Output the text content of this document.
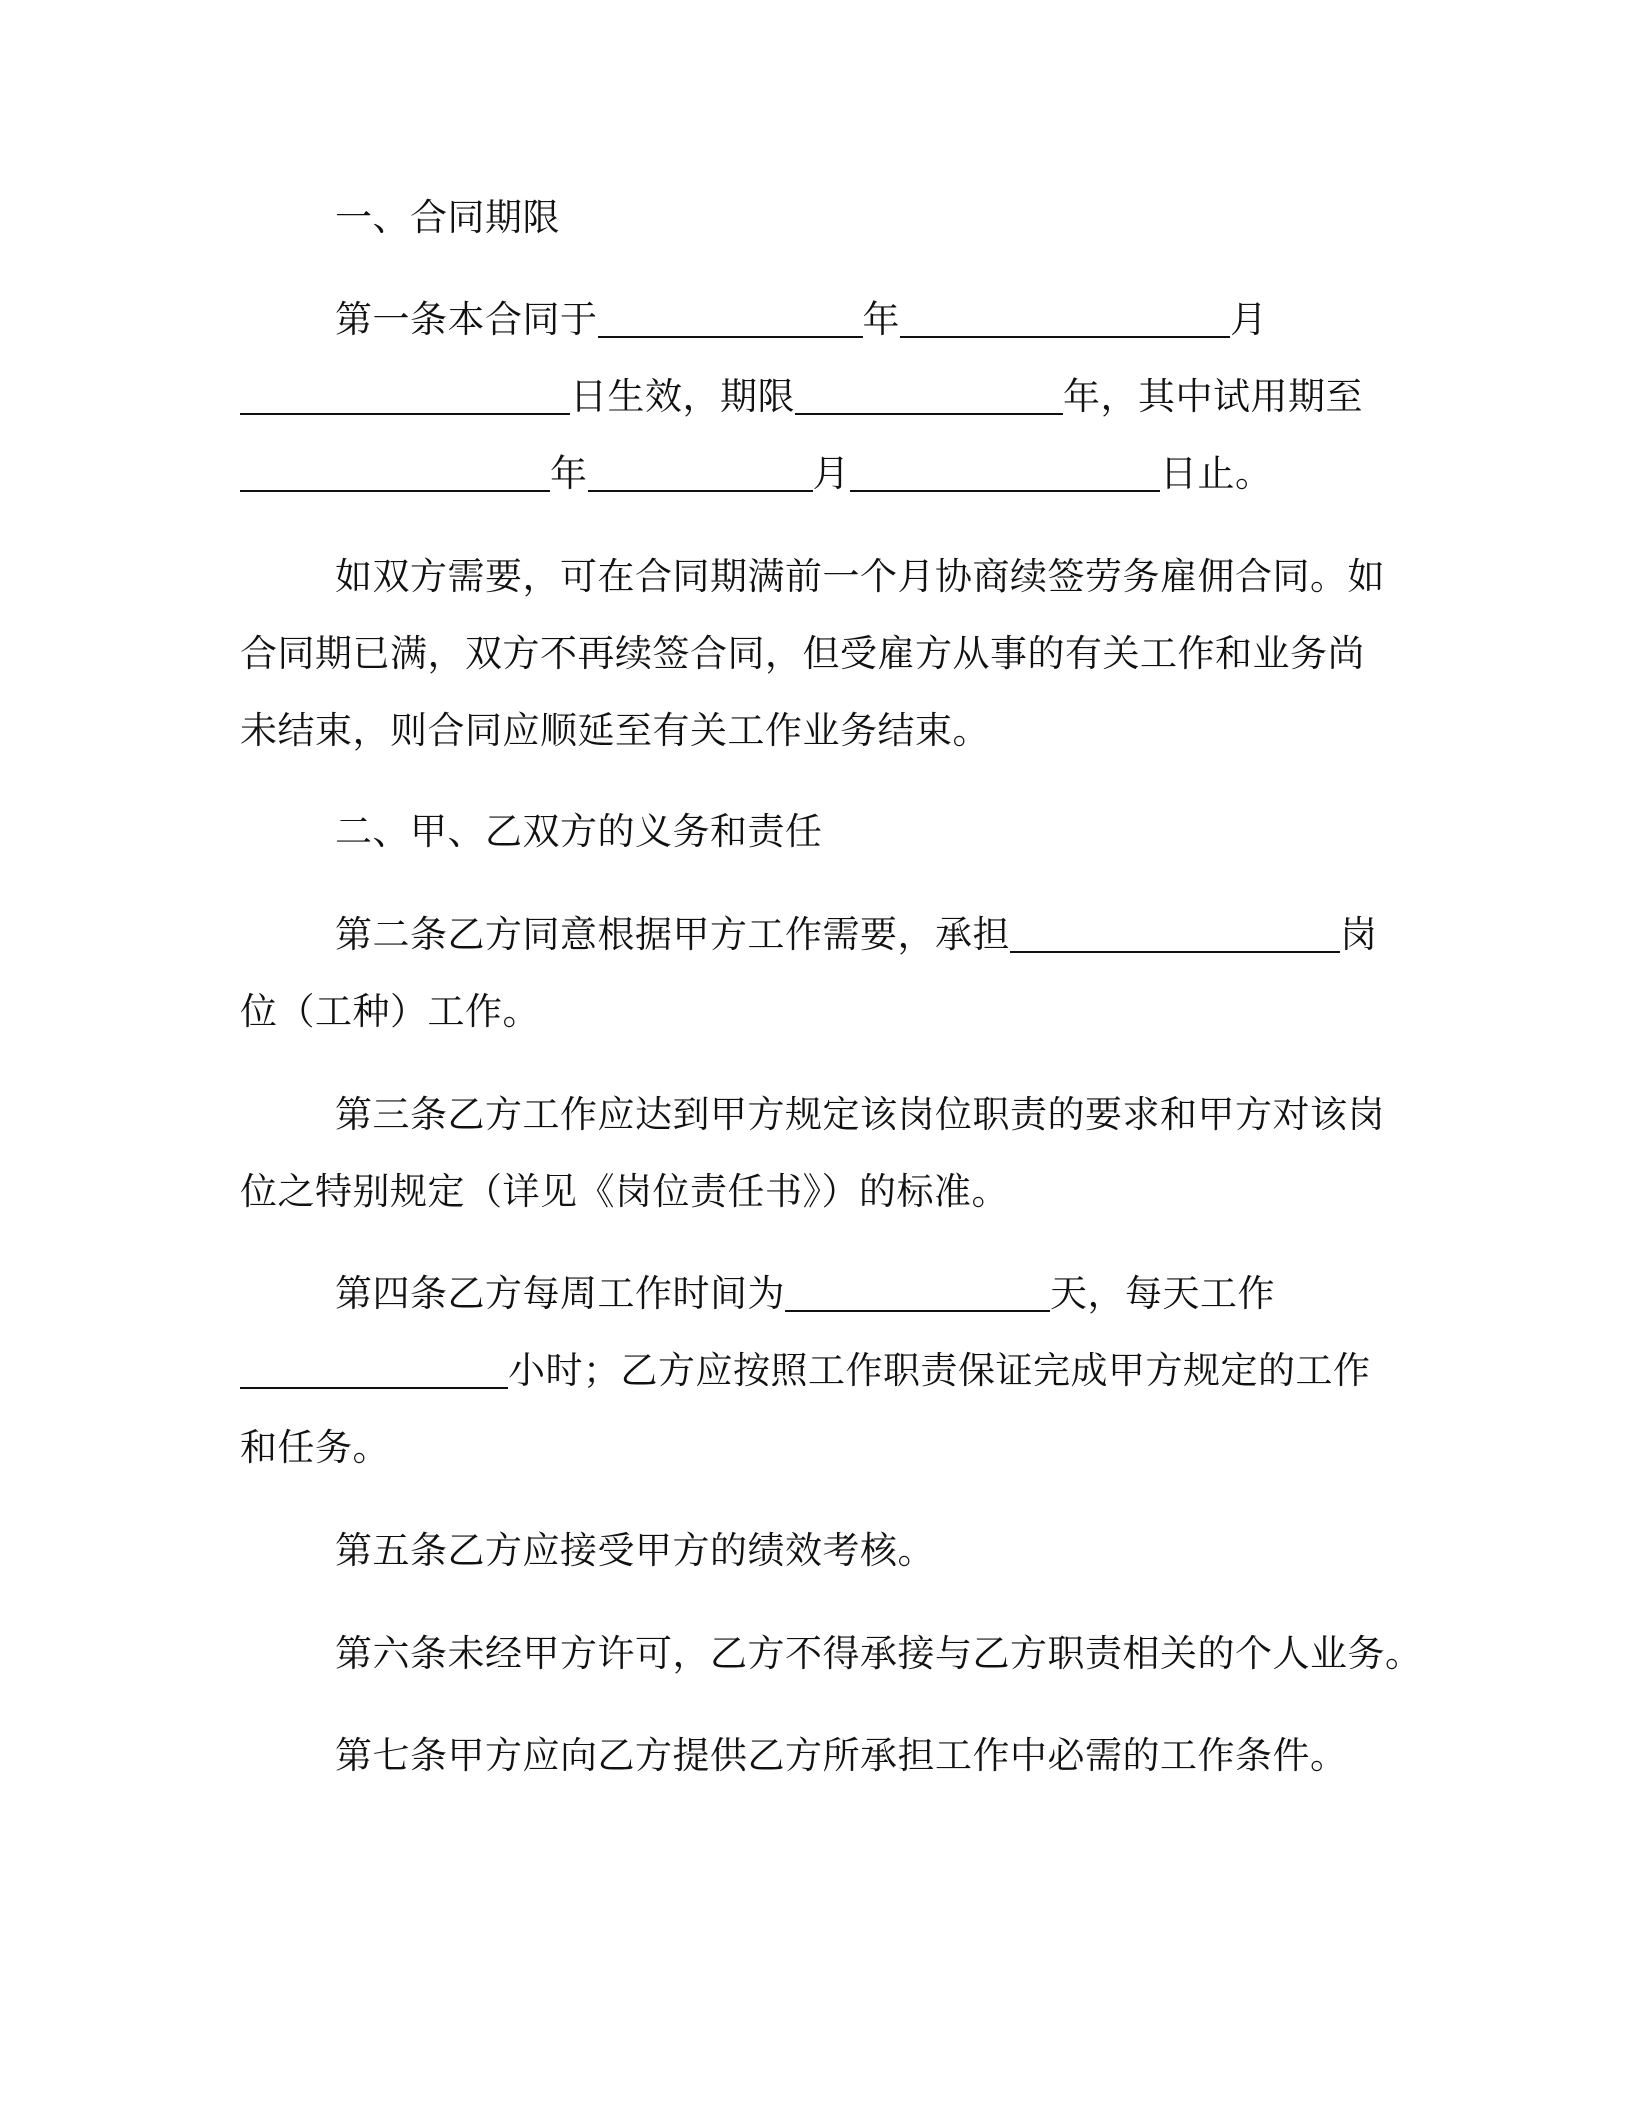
一、合同期限
第一条本合同于	年	月
日生效，期限	年，其中试用期至
年	月	日止。
如双方需要，可在合同期满前一个月协商续签劳务雇佣合同。如
合同期已满，双方不再续签合同，但受雇方从事的有关工作和业务尚
未结束，则合同应顺延至有关工作业务结束。
二、甲、乙双方的义务和责任
第二条乙方同意根据甲方工作需要，承担	岗
位（工种）工作。
第三条乙方工作应达到甲方规定该岗位职责的要求和甲方对该岗
位之特别规定（详见《岗位责任书》）的标准。
第四条乙方每周工作时间为	天，每天工作
小时；乙方应按照工作职责保证完成甲方规定的工作
和任务。
第五条乙方应接受甲方的绩效考核。
第六条未经甲方许可，乙方不得承接与乙方职责相关的个人业务。
第七条甲方应向乙方提供乙方所承担工作中必需的工作条件。
